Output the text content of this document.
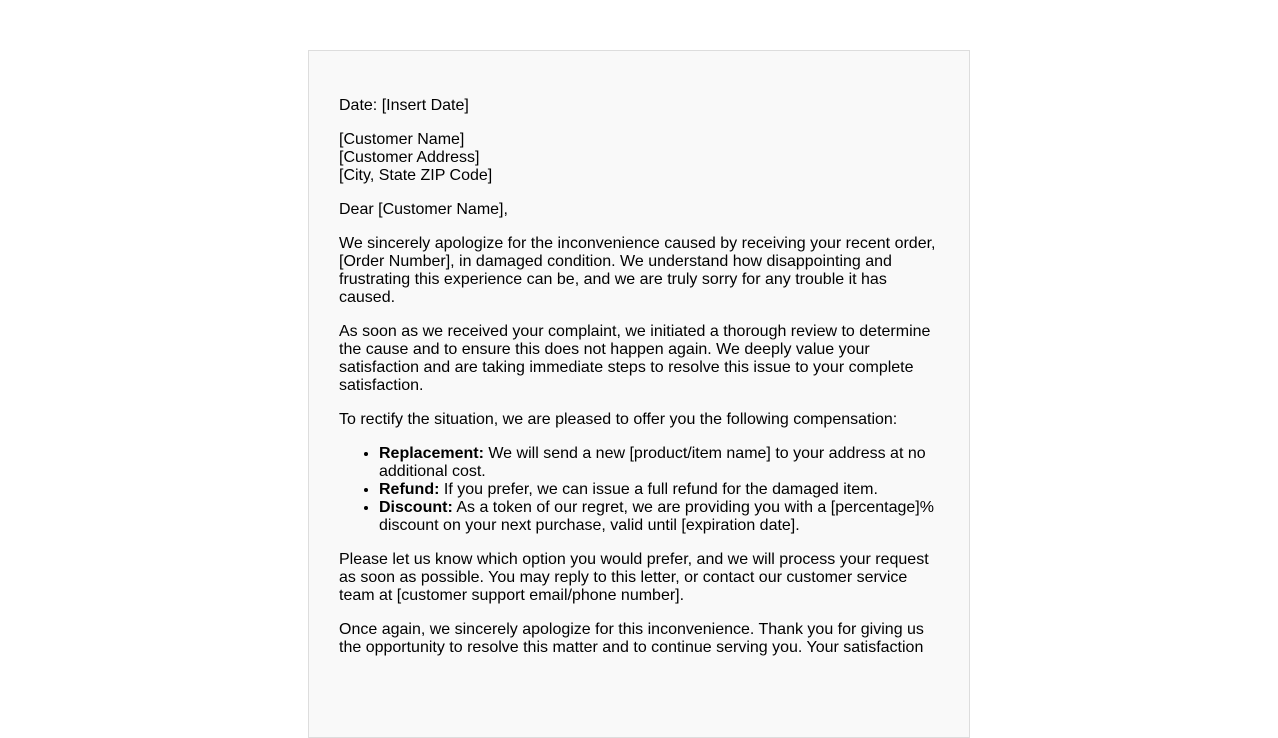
Date: [Insert Date]

[Customer Name]
[Customer Address]
[City, State ZIP Code]

Dear [Customer Name],

We sincerely apologize for the inconvenience caused by receiving your recent order, [Order Number], in damaged condition. We understand how disappointing and frustrating this experience can be, and we are truly sorry for any trouble it has caused.

As soon as we received your complaint, we initiated a thorough review to determine the cause and to ensure this does not happen again. We deeply value your satisfaction and are taking immediate steps to resolve this issue to your complete satisfaction.

To rectify the situation, we are pleased to offer you the following compensation:

• Replacement: We will send a new [product/item name] to your address at no additional cost.
• Refund: If you prefer, we can issue a full refund for the damaged item.
• Discount: As a token of our regret, we are providing you with a [percentage]% discount on your next purchase, valid until [expiration date].

Please let us know which option you would prefer, and we will process your request as soon as possible. You may reply to this letter, or contact our customer service team at [customer support email/phone number].

Once again, we sincerely apologize for this inconvenience. Thank you for giving us the opportunity to resolve this matter and to continue serving you. Your satisfaction
